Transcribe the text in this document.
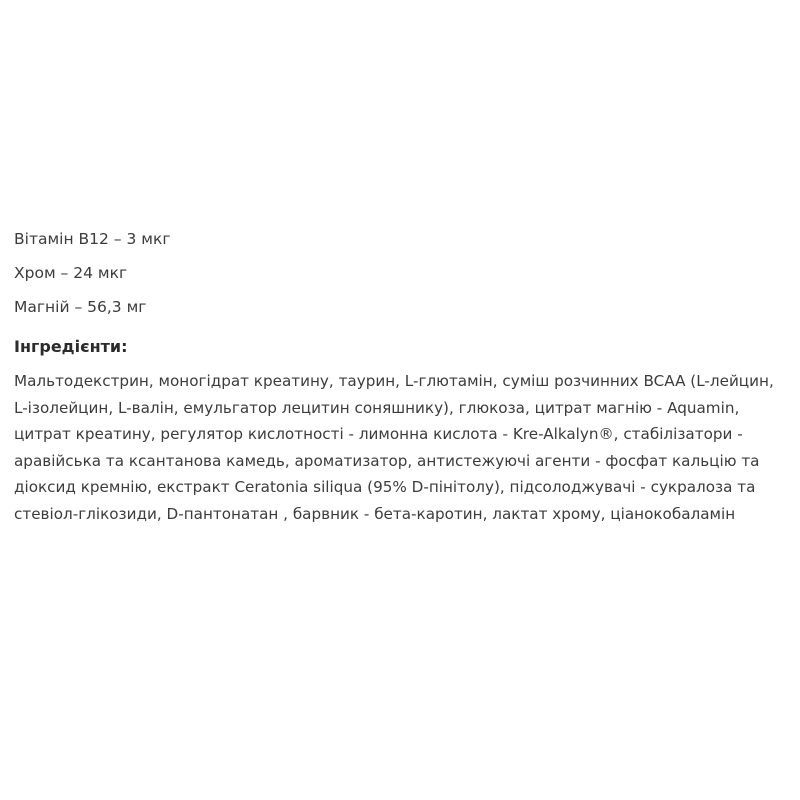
Вітамін B12 – 3 мкг
Хром – 24 мкг
Магній – 56,3 мг
Інгредієнти:
Мальтодекстрин, моногідрат креатину, таурин, L-глютамін, суміш розчинних BCAA (L-лейцин, L-ізолейцин, L-валін, емульгатор лецитин соняшнику), глюкоза, цитрат магнію - Aquamin, цитрат креатину, регулятор кислотності - лимонна кислота - Kre-Alkalyn®, стабілізатори - аравійська та ксантанова камедь, ароматизатор, антистежуючі агенти - фосфат кальцію та діоксид кремнію, екстракт Ceratonia siliqua (95% D-пінітолу), підсолоджувачі - сукралоза та стевіол-глікозиди, D-пантонатан , барвник - бета-каротин, лактат хрому, ціанокобаламін
